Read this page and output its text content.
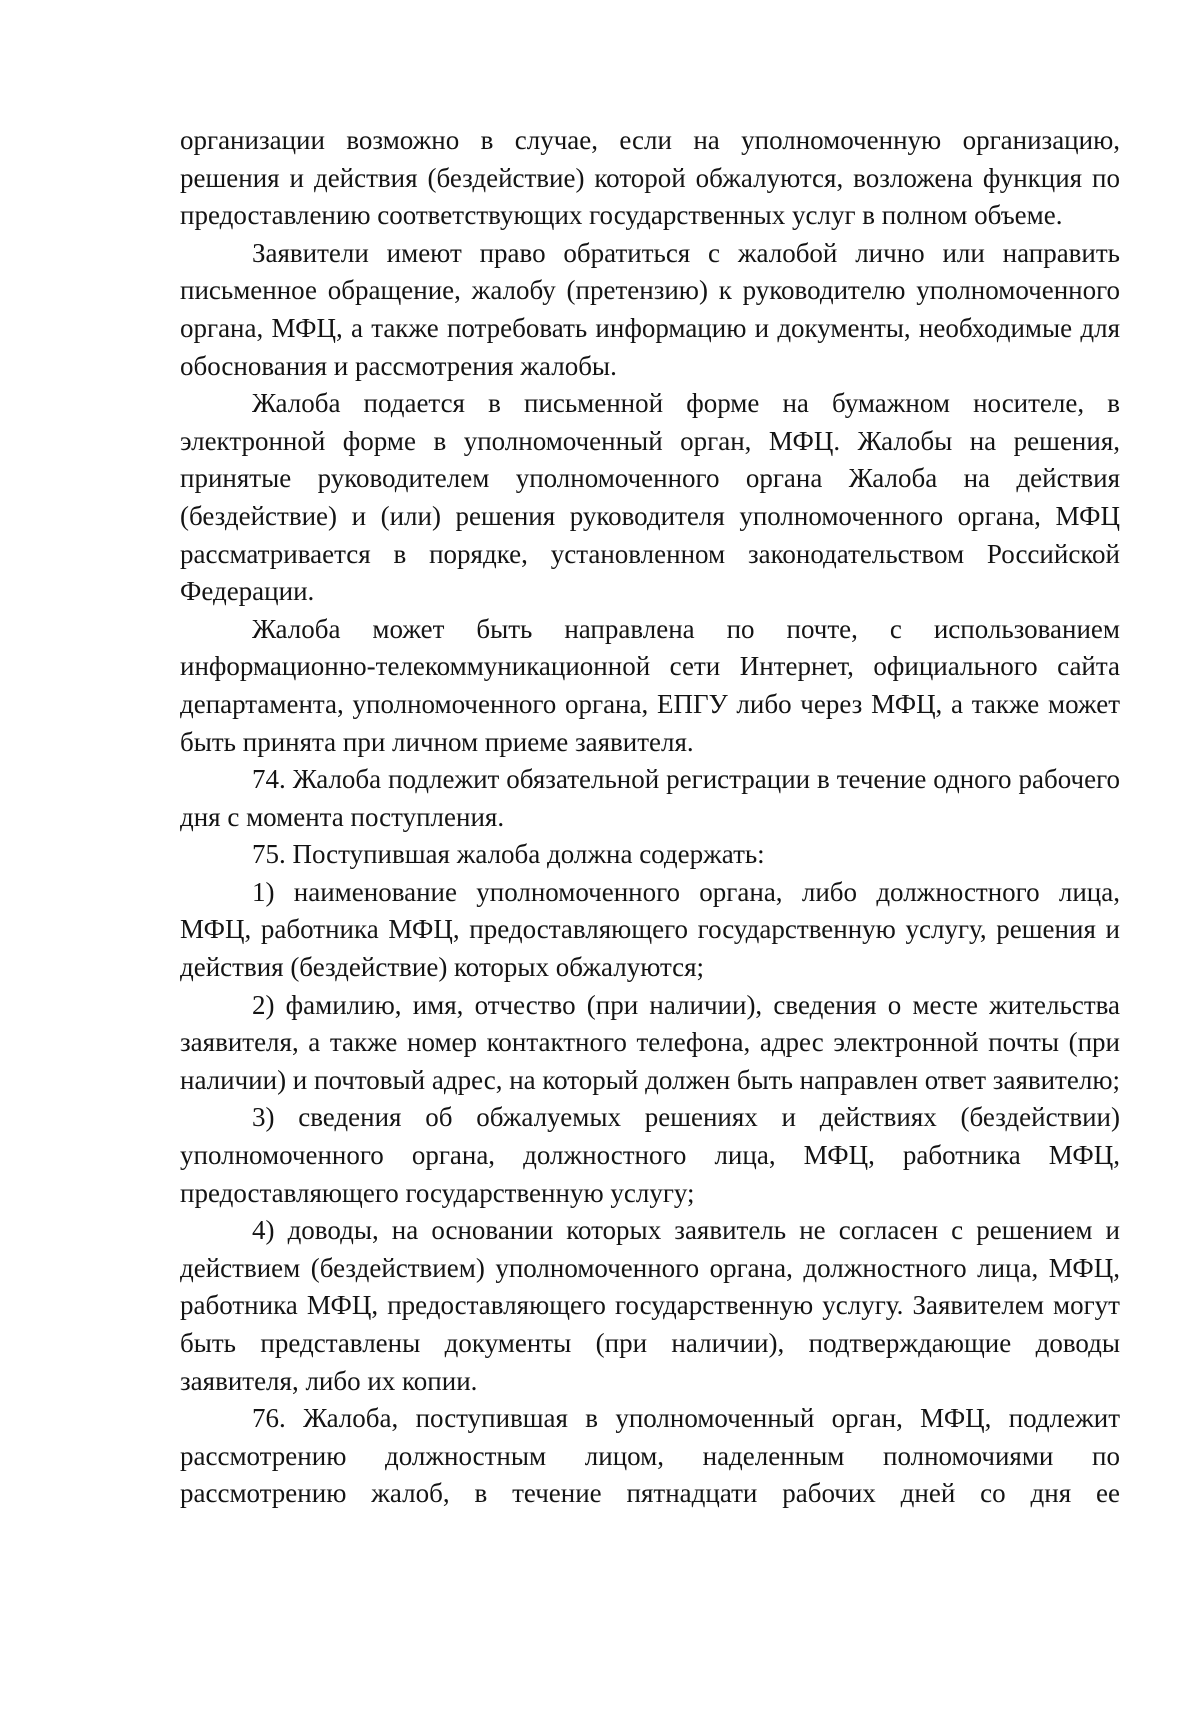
организации возможно в случае, если на уполномоченную организацию, решения и действия (бездействие) которой обжалуются, возложена функция по предоставлению соответствующих государственных услуг в полном объеме.

Заявители имеют право обратиться с жалобой лично или направить письменное обращение, жалобу (претензию) к руководителю уполномоченного органа, МФЦ, а также потребовать информацию и документы, необходимые для обоснования и рассмотрения жалобы.

Жалоба подается в письменной форме на бумажном носителе, в электронной форме в уполномоченный орган, МФЦ. Жалобы на решения, принятые руководителем уполномоченного органа Жалоба на действия (бездействие) и (или) решения руководителя уполномоченного органа, МФЦ рассматривается в порядке, установленном законодательством Российской Федерации.

Жалоба может быть направлена по почте, с использованием информационно-телекоммуникационной сети Интернет, официального сайта департамента, уполномоченного органа, ЕПГУ либо через МФЦ, а также может быть принята при личном приеме заявителя.

74. Жалоба подлежит обязательной регистрации в течение одного рабочего дня с момента поступления.

75. Поступившая жалоба должна содержать:

1) наименование уполномоченного органа, либо должностного лица, МФЦ, работника МФЦ, предоставляющего государственную услугу, решения и действия (бездействие) которых обжалуются;

2) фамилию, имя, отчество (при наличии), сведения о месте жительства заявителя, а также номер контактного телефона, адрес электронной почты (при наличии) и почтовый адрес, на который должен быть направлен ответ заявителю;

3) сведения об обжалуемых решениях и действиях (бездействии) уполномоченного органа, должностного лица, МФЦ, работника МФЦ, предоставляющего государственную услугу;

4) доводы, на основании которых заявитель не согласен с решением и действием (бездействием) уполномоченного органа, должностного лица, МФЦ, работника МФЦ, предоставляющего государственную услугу. Заявителем могут быть представлены документы (при наличии), подтверждающие доводы заявителя, либо их копии.

76. Жалоба, поступившая в уполномоченный орган, МФЦ, подлежит рассмотрению должностным лицом, наделенным полномочиями по рассмотрению жалоб, в течение пятнадцати рабочих дней со дня ее
